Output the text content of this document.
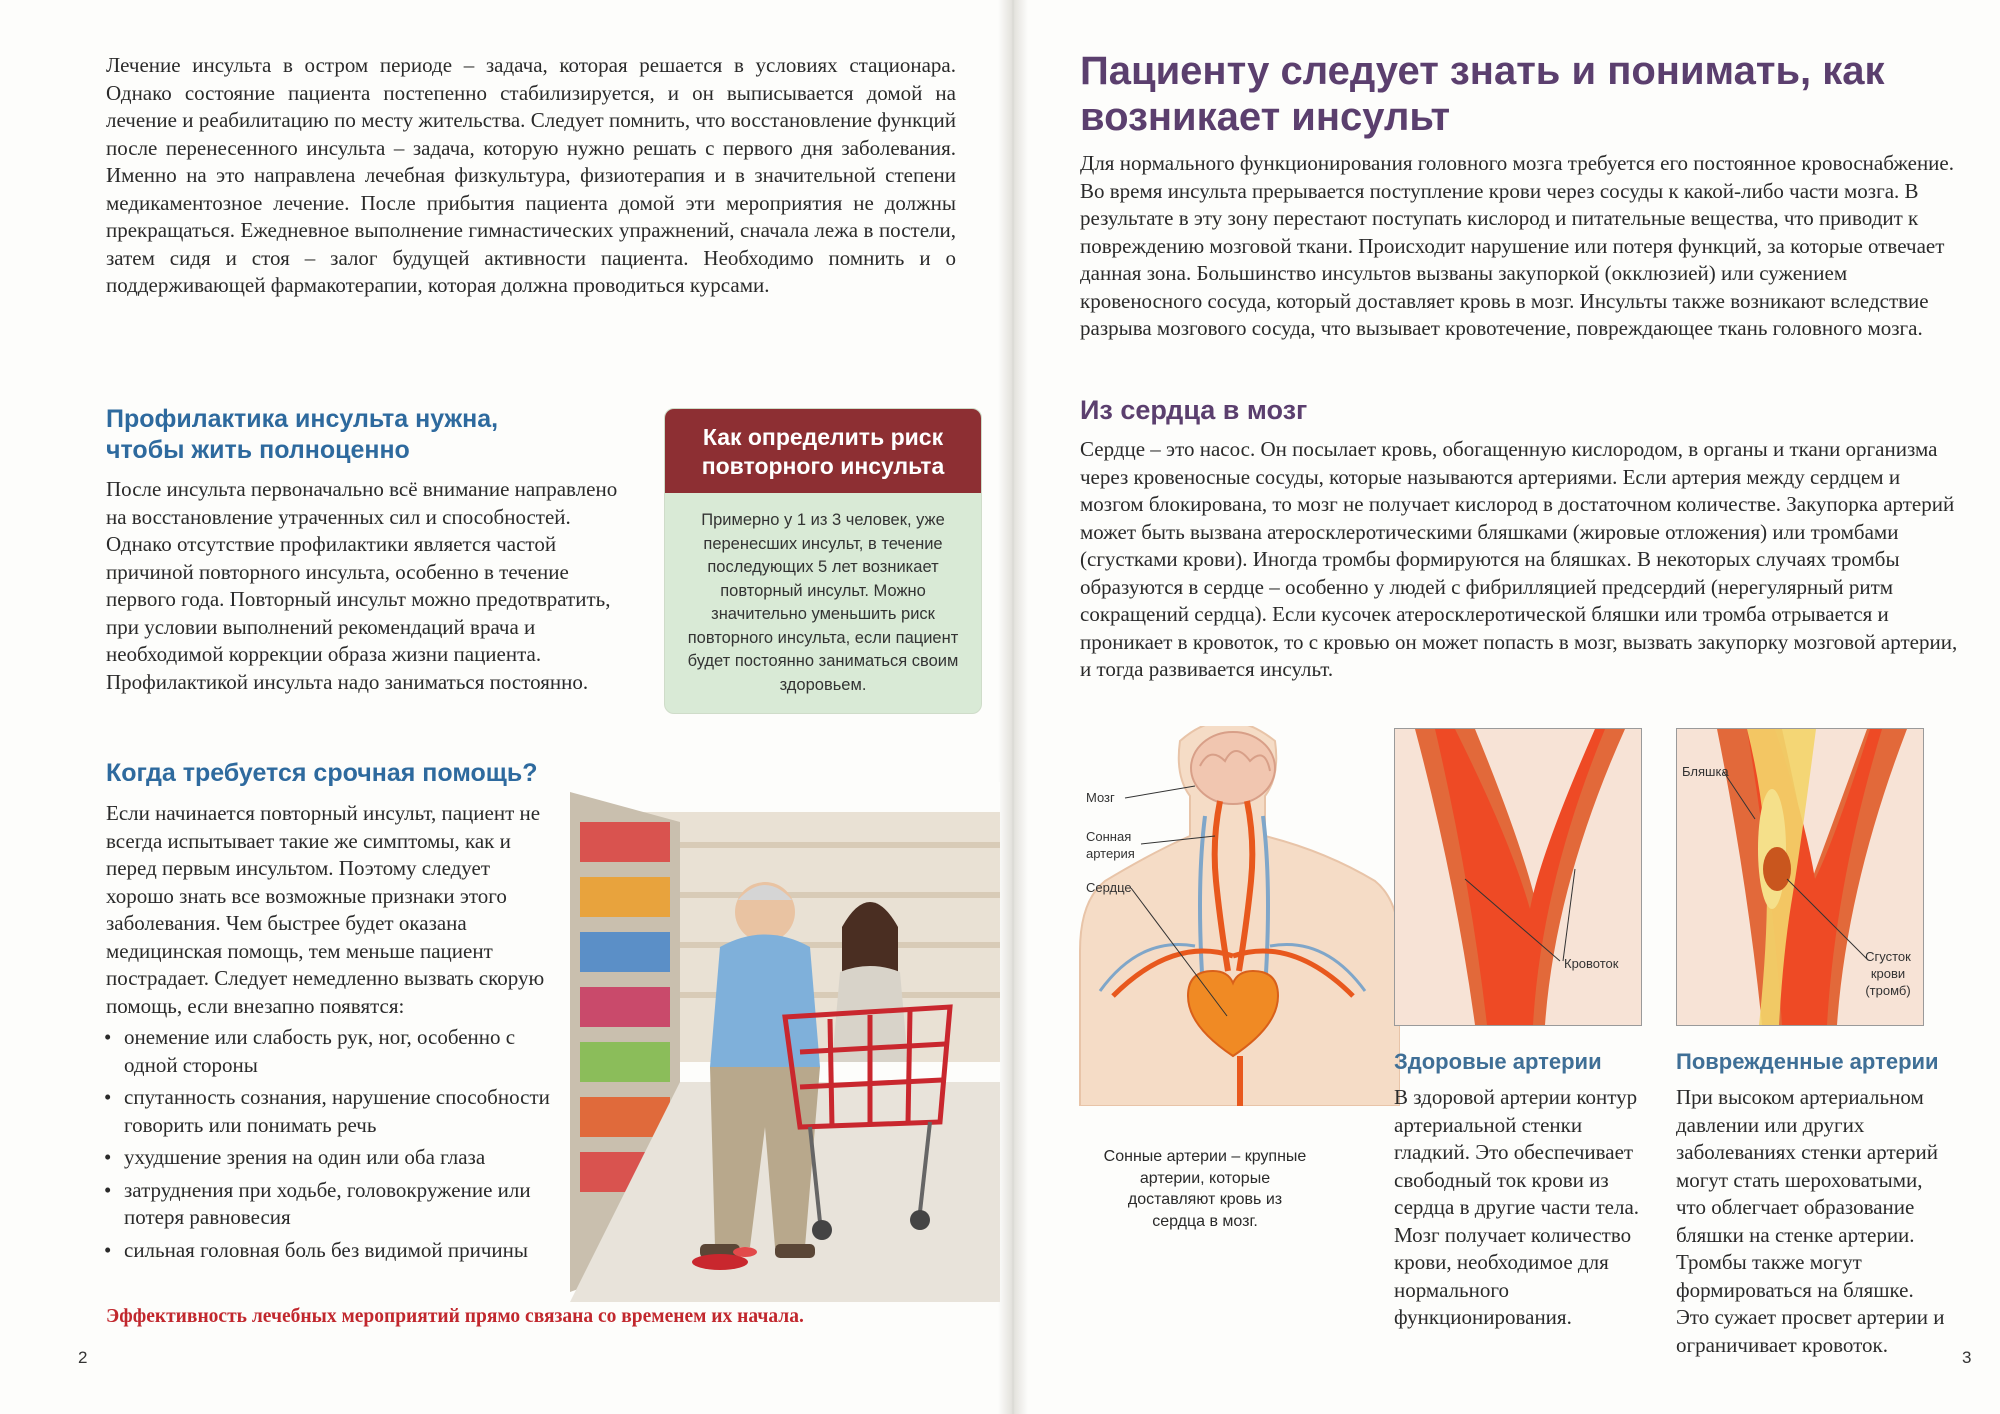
Лечение инсульта в остром периоде – задача, которая решается в условиях стационара. Однако состояние пациента постепенно стабилизируется, и он выписывается домой на лечение и реабилитацию по месту жительства. Следует помнить, что восстановление функций после перенесенного инсульта – задача, которую нужно решать с первого дня заболевания. Именно на это направлена лечебная физкультура, физиотерапия и в значительной степени медикаментозное лечение. После прибытия пациента домой эти мероприятия не должны прекращаться. Ежедневное выполнение гимнастических упражнений, сначала лежа в постели, затем сидя и стоя – залог будущей активности пациента. Необходимо помнить и о поддерживающей фармакотерапии, которая должна проводиться курсами.

Профилактика инсульта нужна, чтобы жить полноценно

После инсульта первоначально всё внимание направлено на восстановление утраченных сил и способностей. Однако отсутствие профилактики является частой причиной повторного инсульта, особенно в течение первого года. Повторный инсульт можно предотвратить, при условии выполнений рекомендаций врача и необходимой коррекции образа жизни пациента. Профилактикой инсульта надо заниматься постоянно.

Как определить риск повторного инсульта
Примерно у 1 из 3 человек, уже перенесших инсульт, в течение последующих 5 лет возникает повторный инсульт. Можно значительно уменьшить риск повторного инсульта, если пациент будет постоянно заниматься своим здоровьем.
Когда требуется срочная помощь?

Если начинается повторный инсульт, пациент не всегда испытывает такие же симптомы, как и перед первым инсультом. Поэтому следует хорошо знать все возможные признаки этого заболевания. Чем быстрее будет оказана медицинская помощь, тем меньше пациент пострадает. Следует немедленно вызвать скорую помощь, если внезапно появятся:

• онемение или слабость рук, ног, особенно с одной стороны
• спутанность сознания, нарушение способности говорить или понимать речь
• ухудшение зрения на один или оба глаза
• затруднения при ходьбе, головокружение или потеря равновесия
• сильная головная боль без видимой причины
Эффективность лечебных мероприятий прямо связана со временем их начала.
2
Пациенту следует знать и понимать, как возникает инсульт

Для нормального функционирования головного мозга требуется его постоянное кровоснабжение. Во время инсульта прерывается поступление крови через сосуды к какой-либо части мозга. В результате в эту зону перестают поступать кислород и питательные вещества, что приводит к повреждению мозговой ткани. Происходит нарушение или потеря функций, за которые отвечает данная зона. Большинство инсультов вызваны закупоркой (окклюзией) или сужением кровеносного сосуда, который доставляет кровь в мозг. Инсульты также возникают вследствие разрыва мозгового сосуда, что вызывает кровотечение, повреждающее ткань головного мозга.

Из сердца в мозг

Сердце – это насос. Он посылает кровь, обогащенную кислородом, в органы и ткани организма через кровеносные сосуды, которые называются артериями. Если артерия между сердцем и мозгом блокирована, то мозг не получает кислород в достаточном количестве. Закупорка артерий может быть вызвана атеросклеротическими бляшками (жировые отложения) или тромбами (сгустками крови). Иногда тромбы формируются на бляшках. В некоторых случаях тромбы образуются в сердце – особенно у людей с фибрилляцией предсердий (нерегулярный ритм сокращений сердца). Если кусочек атеросклеротической бляшки или тромба отрывается и проникает в кровоток, то с кровью он может попасть в мозг, вызвать закупорку мозговой артерии, и тогда развивается инсульт.

Мозг
Сонная артерия
Сердце
Сонные артерии – крупные артерии, которые доставляют кровь из сердца в мозг.
Кровоток
Бляшка
Сгусток крови (тромб)
Здоровые артерии

В здоровой артерии контур артериальной стенки гладкий. Это обеспечивает свободный ток крови из сердца в другие части тела. Мозг получает количество крови, необходимое для нормального функционирования.

Поврежденные артерии

При высоком артериальном давлении или других заболеваниях стенки артерий могут стать шероховатыми, что облегчает образование бляшки на стенке артерии. Тромбы также могут формироваться на бляшке. Это сужает просвет артерии и ограничивает кровоток.

3
